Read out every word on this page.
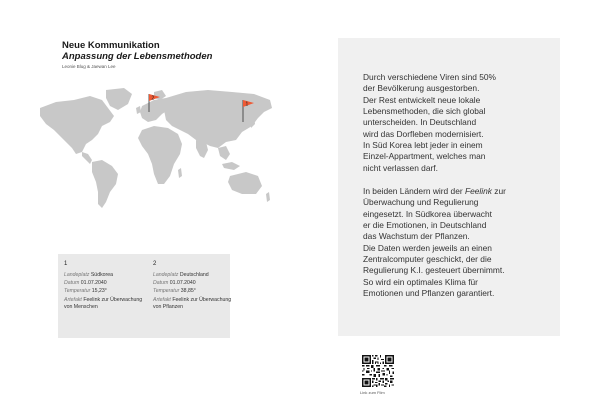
Neue Kommunikation
Anpassung der Lebensmethoden
Leonie Blug & Jaewan Lee
2
1
1
Landeplatz Südkorea
Datum 01.07.2040
Temperatur 15,23°
Artefakt Feelink zur Überwachung von Menschen
2
Landeplatz Deutschland
Datum 01.07.2040
Temperatur 38,85°
Artefakt Feelink zur Überwachung von Pflanzen
Durch verschiedene Viren sind 50%
der Bevölkerung ausgestorben.
Der Rest entwickelt neue lokale
Lebensmethoden, die sich global
unterscheiden. In Deutschland
wird das Dorfleben modernisiert.
In Süd Korea lebt jeder in einem
Einzel-Appartment, welches man
nicht verlassen darf.
In beiden Ländern wird der Feelink zur
Überwachung und Regulierung
eingesetzt. In Südkorea überwacht
er die Emotionen, in Deutschland
das Wachstum der Pflanzen.
Die Daten werden jeweils an einen
Zentralcomputer geschickt, der die
Regulierung K.I. gesteuert übernimmt.
So wird ein optimales Klima für
Emotionen und Pflanzen garantiert.
Link zum Film
